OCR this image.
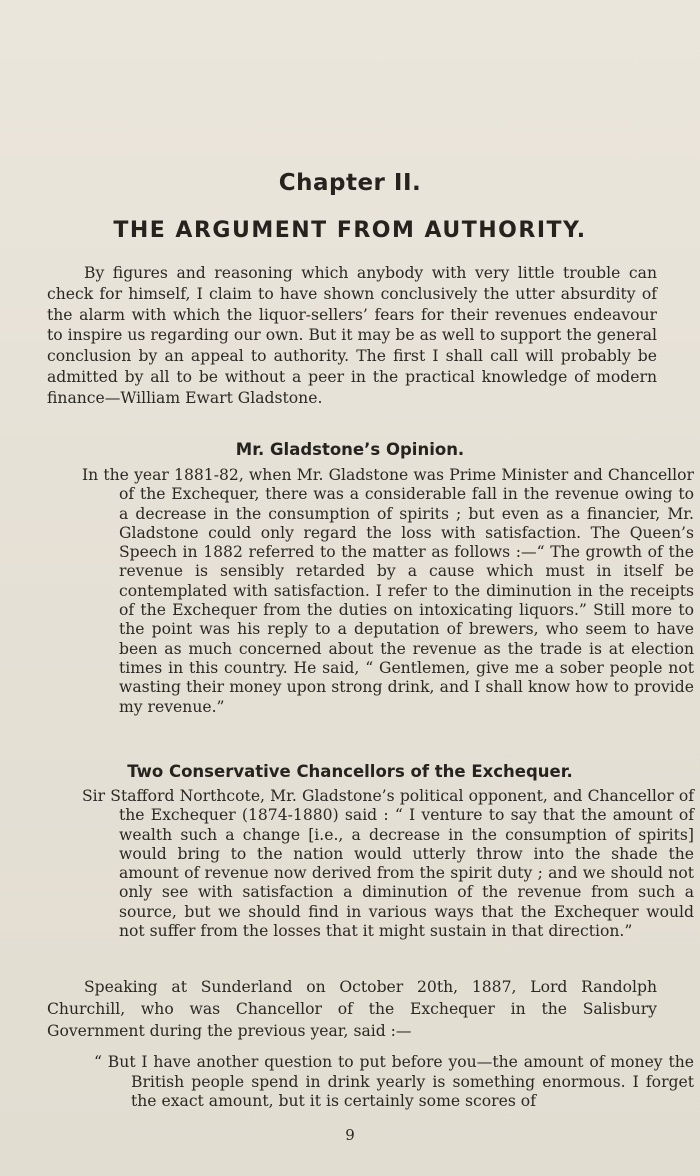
Chapter II.
THE ARGUMENT FROM AUTHORITY.

By figures and reasoning which anybody with very little trouble can check for himself, I claim to have shown conclusively the utter absurdity of the alarm with which the liquor-sellers’ fears for their revenues endeavour to inspire us regarding our own. But it may be as well to support the general conclusion by an appeal to authority. The first I shall call will probably be admitted by all to be without a peer in the practical knowledge of modern finance—William Ewart Gladstone.

Mr. Gladstone’s Opinion.

In the year 1881-82, when Mr. Gladstone was Prime Minister and Chancellor of the Exchequer, there was a considerable fall in the revenue owing to a decrease in the consumption of spirits ; but even as a financier, Mr. Gladstone could only regard the loss with satisfaction. The Queen’s Speech in 1882 referred to the matter as follows :—“ The growth of the revenue is sensibly retarded by a cause which must in itself be contemplated with satisfaction. I refer to the diminution in the receipts of the Exchequer from the duties on intoxicating liquors.” Still more to the point was his reply to a deputation of brewers, who seem to have been as much concerned about the revenue as the trade is at election times in this country. He said, “ Gentlemen, give me a sober people not wasting their money upon strong drink, and I shall know how to provide my revenue.”

Two Conservative Chancellors of the Exchequer.

Sir Stafford Northcote, Mr. Gladstone’s political opponent, and Chancellor of the Exchequer (1874-1880) said : “ I venture to say that the amount of wealth such a change [i.e., a decrease in the consumption of spirits] would bring to the nation would utterly throw into the shade the amount of revenue now derived from the spirit duty ; and we should not only see with satisfaction a diminution of the revenue from such a source, but we should find in various ways that the Exchequer would not suffer from the losses that it might sustain in that direction.”

Speaking at Sunderland on October 20th, 1887, Lord Randolph Churchill, who was Chancellor of the Exchequer in the Salisbury Government during the previous year, said :—

“ But I have another question to put before you—the amount of money the British people spend in drink yearly is something enormous. I forget the exact amount, but it is certainly some scores of

9
